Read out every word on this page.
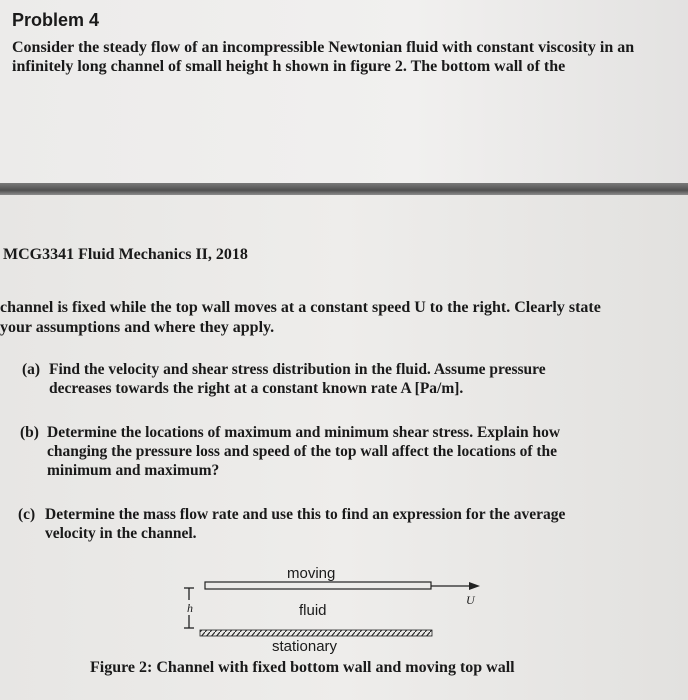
Problem 4
Consider the steady flow of an incompressible Newtonian fluid with constant viscosity in an infinitely long channel of small height h shown in figure 2. The bottom wall of the
MCG3341 Fluid Mechanics II, 2018
channel is fixed while the top wall moves at a constant speed U to the right. Clearly state
your assumptions and where they apply.
(a) Find the velocity and shear stress distribution in the fluid. Assume pressure
decreases towards the right at a constant known rate A [Pa/m].
(b) Determine the locations of maximum and minimum shear stress. Explain how
changing the pressure loss and speed of the top wall affect the locations of the
minimum and maximum?
(c) Determine the mass flow rate and use this to find an expression for the average
velocity in the channel.
moving
U
h	fluid
stationary
Figure 2: Channel with fixed bottom wall and moving top wall
